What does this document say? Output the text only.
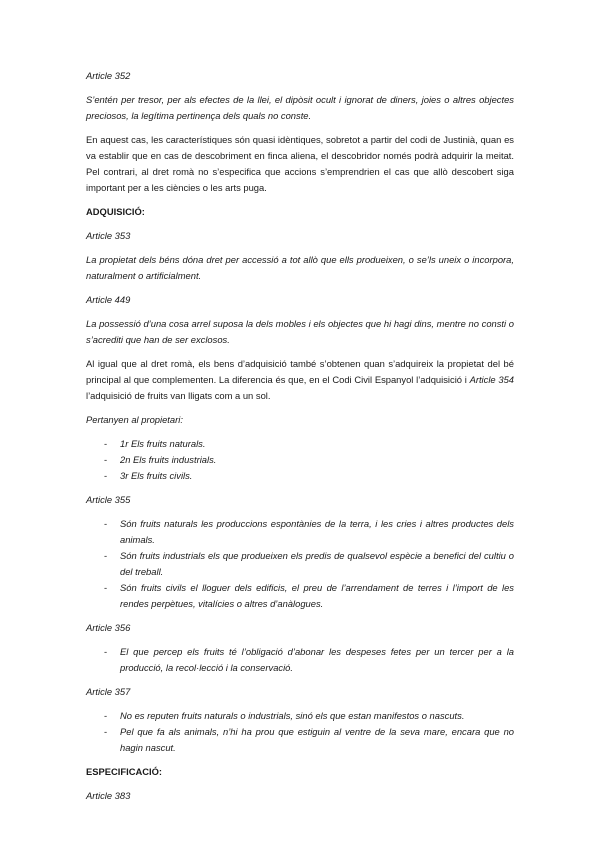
Article 352

S’entén per tresor, per als efectes de la llei, el dipòsit ocult i ignorat de diners, joies o altres objectes preciosos, la legítima pertinença dels quals no conste.

En aquest cas, les característiques són quasi idèntiques, sobretot a partir del codi de Justinià, quan es va establir que en cas de descobriment en finca aliena, el descobridor només podrà adquirir la meitat. Pel contrari, al dret romà no s’especifica que accions s’emprendrien el cas que allò descobert siga important per a les ciències o les arts puga.

ADQUISICIÓ:

Article 353

La propietat dels béns dóna dret per accessió a tot allò que ells produeixen, o se’ls uneix o incorpora, naturalment o artificialment.

Article 449

La possessió d’una cosa arrel suposa la dels mobles i els objectes que hi hagi dins, mentre no consti o s’acrediti que han de ser exclosos.

Al igual que al dret romà, els bens d’adquisició també s’obtenen quan s’adquireix la propietat del bé principal al que complementen. La diferencia és que, en el Codi Civil Espanyol l’adquisició i Article 354 l’adquisició de fruits van lligats com a un sol.

Pertanyen al propietari:

- 1r Els fruits naturals.
- 2n Els fruits industrials.
- 3r Els fruits civils.

Article 355

- Són fruits naturals les produccions espontànies de la terra, i les cries i altres productes dels animals.
- Són fruits industrials els que produeixen els predis de qualsevol espècie a benefici del cultiu o del treball.
- Són fruits civils el lloguer dels edificis, el preu de l’arrendament de terres i l’import de les rendes perpètues, vitalícies o altres d’anàlogues.

Article 356

- El que percep els fruits té l’obligació d’abonar les despeses fetes per un tercer per a la producció, la recol·lecció i la conservació.

Article 357

- No es reputen fruits naturals o industrials, sinó els que estan manifestos o nascuts.
- Pel que fa als animals, n’hi ha prou que estiguin al ventre de la seva mare, encara que no hagin nascut.

ESPECIFICACIÓ:

Article 383
